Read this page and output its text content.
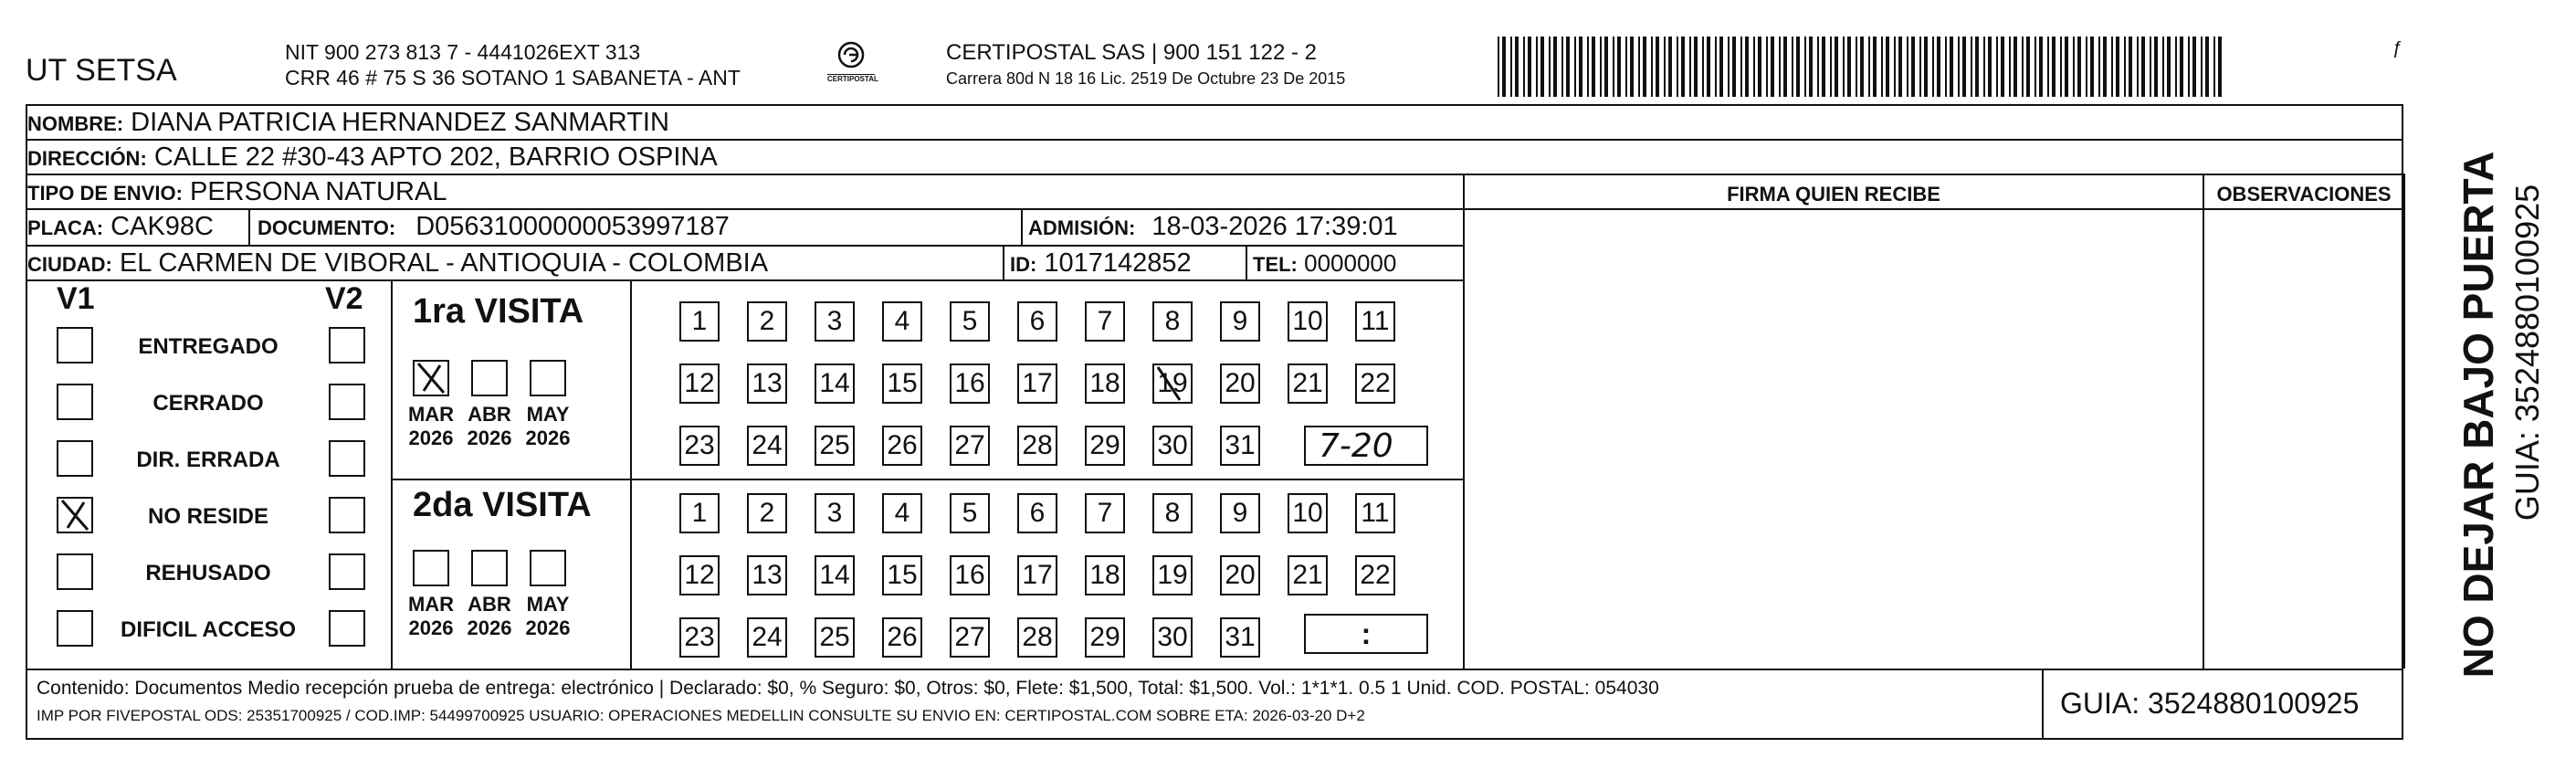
UT SETSA
NIT 900 273 813 7 - 4441026EXT 313
CRR 46 # 75 S 36 SOTANO 1 SABANETA - ANT	CERTIPOSTAL
CERTIPOSTAL SAS | 900 151 122 - 2
Carrera 80d N 18 16 Lic. 2519 De Octubre 23 De 2015
ƒ
NOMBRE: DIANA PATRICIA HERNANDEZ SANMARTIN
DIRECCIÓN: CALLE 22 #30-43 APTO 202, BARRIO OSPINA
TIPO DE ENVIO: PERSONA NATURAL
PLACA: CAK98C DOCUMENTO: D05631000000053997187	ADMISIÓN: 18-03-2026 17:39:01
CIUDAD: EL CARMEN DE VIBORAL - ANTIOQUIA - COLOMBIA	ID: 1017142852	TEL: 0000000
FIRMA QUIEN RECIBE	OBSERVACIONES
V1	V2
ENTREGADO
CERRADO
DIR. ERRADA
NO RESIDE
REHUSADO
DIFICIL ACCESO
1ra VISITA
MAR
2026
ABR
2026
MAY
2026
1	2	3	4	5	6	7	8	9	10 11
12 13 14 15 16 17 18 19 20 21 22
23 24 25 26 27 28 29 30 31 7-20
2da VISITA
MAR
2026
ABR
2026
MAY
2026
1	2	3	4	5	6	7	8	9	10 11
12 13 14 15 16 17 18 19 20 21 22
23 24 25 26 27 28 29 30 31	:
Contenido: Documentos Medio recepción prueba de entrega: electrónico | Declarado: $0, % Seguro: $0, Otros: $0, Flete: $1,500, Total: $1,500. Vol.: 1*1*1. 0.5 1 Unid. COD. POSTAL: 054030
IMP POR FIVEPOSTAL ODS: 25351700925 / COD.IMP: 54499700925 USUARIO: OPERACIONES MEDELLIN CONSULTE SU ENVIO EN: CERTIPOSTAL.COM SOBRE ETA: 2026-03-20 D+2	GUIA: 3524880100925
NO DEJAR BAJO PUERTA GUIA: 3524880100925
